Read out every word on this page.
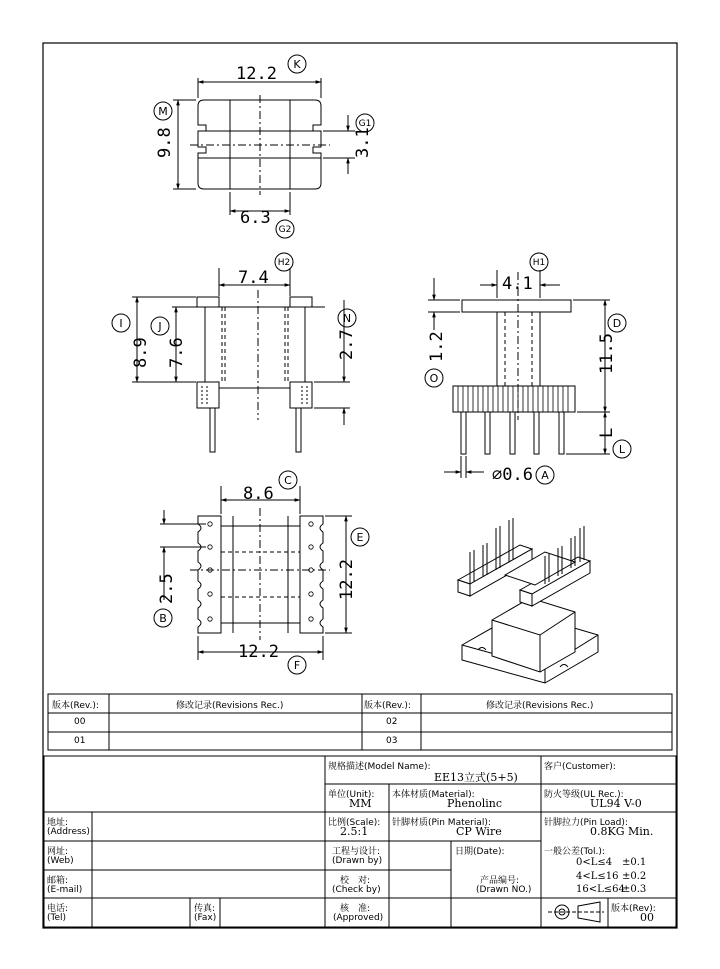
12.2
9.8	3.1
6.3
7.4
8.9 7.6	2.7
4.1
1.2	11.5
L
⌀0.6
8.6
2.5	12.2
12.2
K
M
G1
G2
H2
I	J
N
H1
D
O
L
A
C
E
B
F
版本(Rev.):	修改记录(Revisions Rec.)	版本(Rev.):	修改记录(Revisions Rec.)
00	02
01	03
规格描述(Model Name):
EE13立式(5+5)
客户(Customer):
单位(Unit):
MM
本体材质(Material):
Phenolinc
防火等级(UL Rec.):
UL94 V-0
地址:
(Address)
比例(Scale):
2.5:1
针脚材质(Pin Material):
CP Wire
针脚拉力(Pin Load):
0.8KG Min.
网址:
(Web)
工程与设计:
(Drawn by)
日期(Date):	一般公差(Tol.):
0<L≤4 ±0.1
4<L≤16 ±0.2
16<L≤64
±0.3
邮箱:
(E-mail)
校　对:
(Check by)
产品编号:
(Drawn NO.)
电话:
(Tel)
传真:
(Fax)
核　准:
(Approved)
版本(Rev):
00
